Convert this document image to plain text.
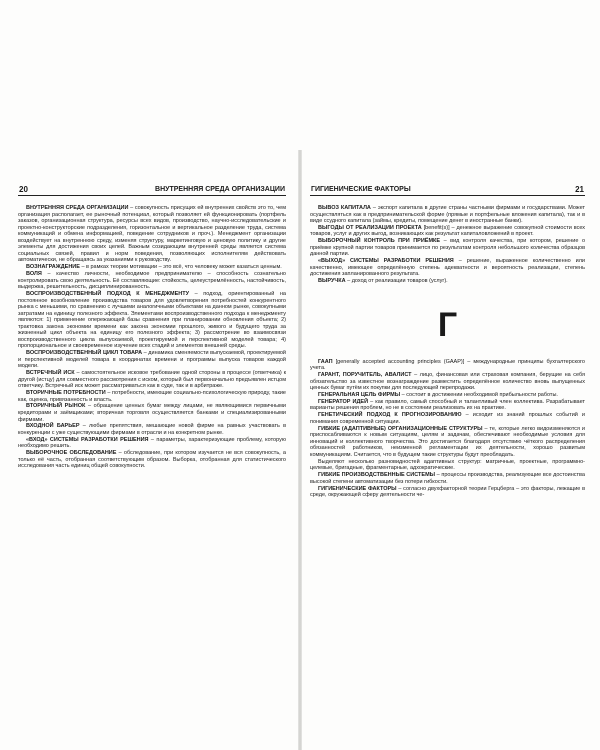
20	ВНУТРЕННЯЯ СРЕДА ОРГАНИЗАЦИИ

ВНУТРЕННЯЯ СРЕДА ОРГАНИЗАЦИИ – совокупность присущих ей внутренних свойств это то, чем организация располагает, ее рыночный потенциал, который позволяет ей функционировать (портфель заказов, организационная структура, ресурсы всех видов, производство, научно-исследовательские и проектно-конструкторские подразделения, горизонтальное и вертикальное разделение труда, система коммуникаций и обмена информацией, поведение сотрудников и проч.). Менеджмент организации воздействует на внутреннюю среду, изменяя структуру, маркетинговую и ценовую политику и другие элементы для достижения своих целей. Важным созидающим внутренней среды является система социальных связей, правил и норм поведения, позволяющих исполнителям действовать автоматически, не обращаясь за указаниями к руководству.

ВОЗНАГРАЖДЕНИЕ – в рамках теории мотивации – это всё, что человеку может казаться ценным.

ВОЛЯ – качество личности, необходимое предпринимателю – способность сознательно контролировать свою деятельность. Её составляющие: стойкость, целеустремлённость, настойчивость, выдержка, решительность, дисциплинированность.

ВОСПРОИЗВОДСТВЕННЫЙ ПОДХОД К МЕНЕДЖМЕНТУ – подход, ориентированный на постоянное возобновление производства товаров для удовлетворения потребностей конкурентного рынка с меньшими, по сравнению с лучшими аналогичными объектами на данном рынке, совокупными затратами на единицу полезного эффекта. Элементами воспроизводственного подхода к менеджменту являются: 1) применение опережающей базы сравнения при планировании обновления объекта; 2) трактовка закона экономии времени как закона экономии прошлого, живого и будущего труда за жизненный цикл объекта на единицу его полезного эффекта; 3) рассмотрение во взаимосвязи воспроизводственного цикла выпускаемой, проектируемой и перспективной моделей товара; 4) пропорциональное и своевременное изучение всех стадий и элементов внешней среды.

ВОСПРОИЗВОДСТВЕННЫЙ ЦИКЛ ТОВАРА – динамика сменяемости выпускаемой, проектируемой и перспективной моделей товара в координатах времени и программы выпуска товаров каждой модели.

ВСТРЕЧНЫЙ ИСК – самостоятельное исковое требование одной стороны в процессе (ответчика) к другой (истцу) для совместного рассмотрения с иском, который был первоначально предъявлен истцом ответчику. Встречный иск может рассматриваться как в суде, так и в арбитраже.

ВТОРИЧНЫЕ ПОТРЕБНОСТИ – потребности, имеющие социально-психологическую природу, такие как, оценка, привязанность и власть.

ВТОРИЧНЫЙ РЫНОК – обращение ценных бумаг между лицами, не являющимися первичными кредиторами и заёмщиками; вторичная торговля осуществляется банками и специализированными фирмами.

ВХОДНОЙ БАРЬЕР – любые препятствия, мешающие новой фирме на равных участвовать в конкуренции с уже существующими фирмами в отрасли и на конкретном рынке.

«ВХОД» СИСТЕМЫ РАЗРАБОТКИ РЕШЕНИЯ – параметры, характеризующие проблему, которую необходимо решить.

ВЫБОРОЧНОЕ ОБСЛЕДОВАНИЕ – обследование, при котором изучается не вся совокупность, а только её часть, отобранная соответствующим образом. Выборка, отобранная для статистического исследования часть единиц общей совокупности.

ГИГИЕНИЧЕСКИЕ ФАКТОРЫ	21

ВЫВОЗ КАПИТАЛА – экспорт капитала в другие страны частными фирмами и государствами. Может осуществляться как в предпринимательской форме (прямые и портфельные вложения капитала), так и в виде ссудного капитала (займы, кредиты, помещение денег в иностранные банки).

ВЫГОДЫ ОТ РЕАЛИЗАЦИИ ПРОЕКТА [benefit(s)] – денежное выражение совокупной стоимости всех товаров, услуг и других выгод, возникающих как результат капиталовложений в проект.

ВЫБОРОЧНЫЙ КОНТРОЛЬ ПРИ ПРИЁМКЕ – вид контроля качества, при котором, решение о приёмке крупной партии товаров принимается по результатам контроля небольшого количества образцов данной партии.

«ВЫХОД» СИСТЕМЫ РАЗРАБОТКИ РЕШЕНИЯ – решение, выраженное количественно или качественно, имеющее определённую степень адекватности и вероятность реализации, степень достижения запланированного результата.

ВЫРУЧКА – доход от реализации товаров (услуг).

Г

ГААП [generally accepted accounting principles (GAAP)] – международные принципы бухгалтерского учета.

ГАРАНТ, ПОРУЧИТЕЛЬ, АВАЛИСТ – лицо, финансовая или страховая компания, берущие на себя обязательство за известное вознаграждение разместить определённое количество вновь выпущенных ценных бумаг путём их покупки для последующей перепродажи.

ГЕНЕРАЛЬНАЯ ЦЕЛЬ ФИРМЫ – состоит в достижении необходимой прибыльности работы.

ГЕНЕРАТОР ИДЕЙ – как правило, самый способный и талантливый член коллектива. Разрабатывает варианты решения проблем, но не в состоянии реализовать их на практике.

ГЕНЕТИЧЕСКИЙ ПОДХОД К ПРОГНОЗИРОВАНИЮ – исходит из знаний прошлых событий и понимания современной ситуации.

ГИБКИЕ (АДАПТИВНЫЕ) ОРГАНИЗАЦИОННЫЕ СТРУКТУРЫ – те, которые легко видоизменяются и приспосабливаются к новым ситуациям, целям и задачам, обеспечивают необходимые условия для инноваций и коллективного творчества. Это достигается благодаря отсутствию чёткого распределения обязанностей работников, неизменной регламентации их деятельности, хорошо развитым коммуникациям. Считается, что в будущем такие структуры будут преобладать.

Выделяют несколько разновидностей адаптивных структур: матричные, проектные, программно-целевые, бригадные, фрагментарные, адхократические.

ГИБКИЕ ПРОИЗВОДСТВЕННЫЕ СИСТЕМЫ – процессы производства, реализующие все достоинства высокой степени автоматизации без потери гибкости.

ГИГИЕНИЧЕСКИЕ ФАКТОРЫ – согласно двухфакторной теории Герцберга – это факторы, лежащие в среде, окружающей сферу деятельности че-
